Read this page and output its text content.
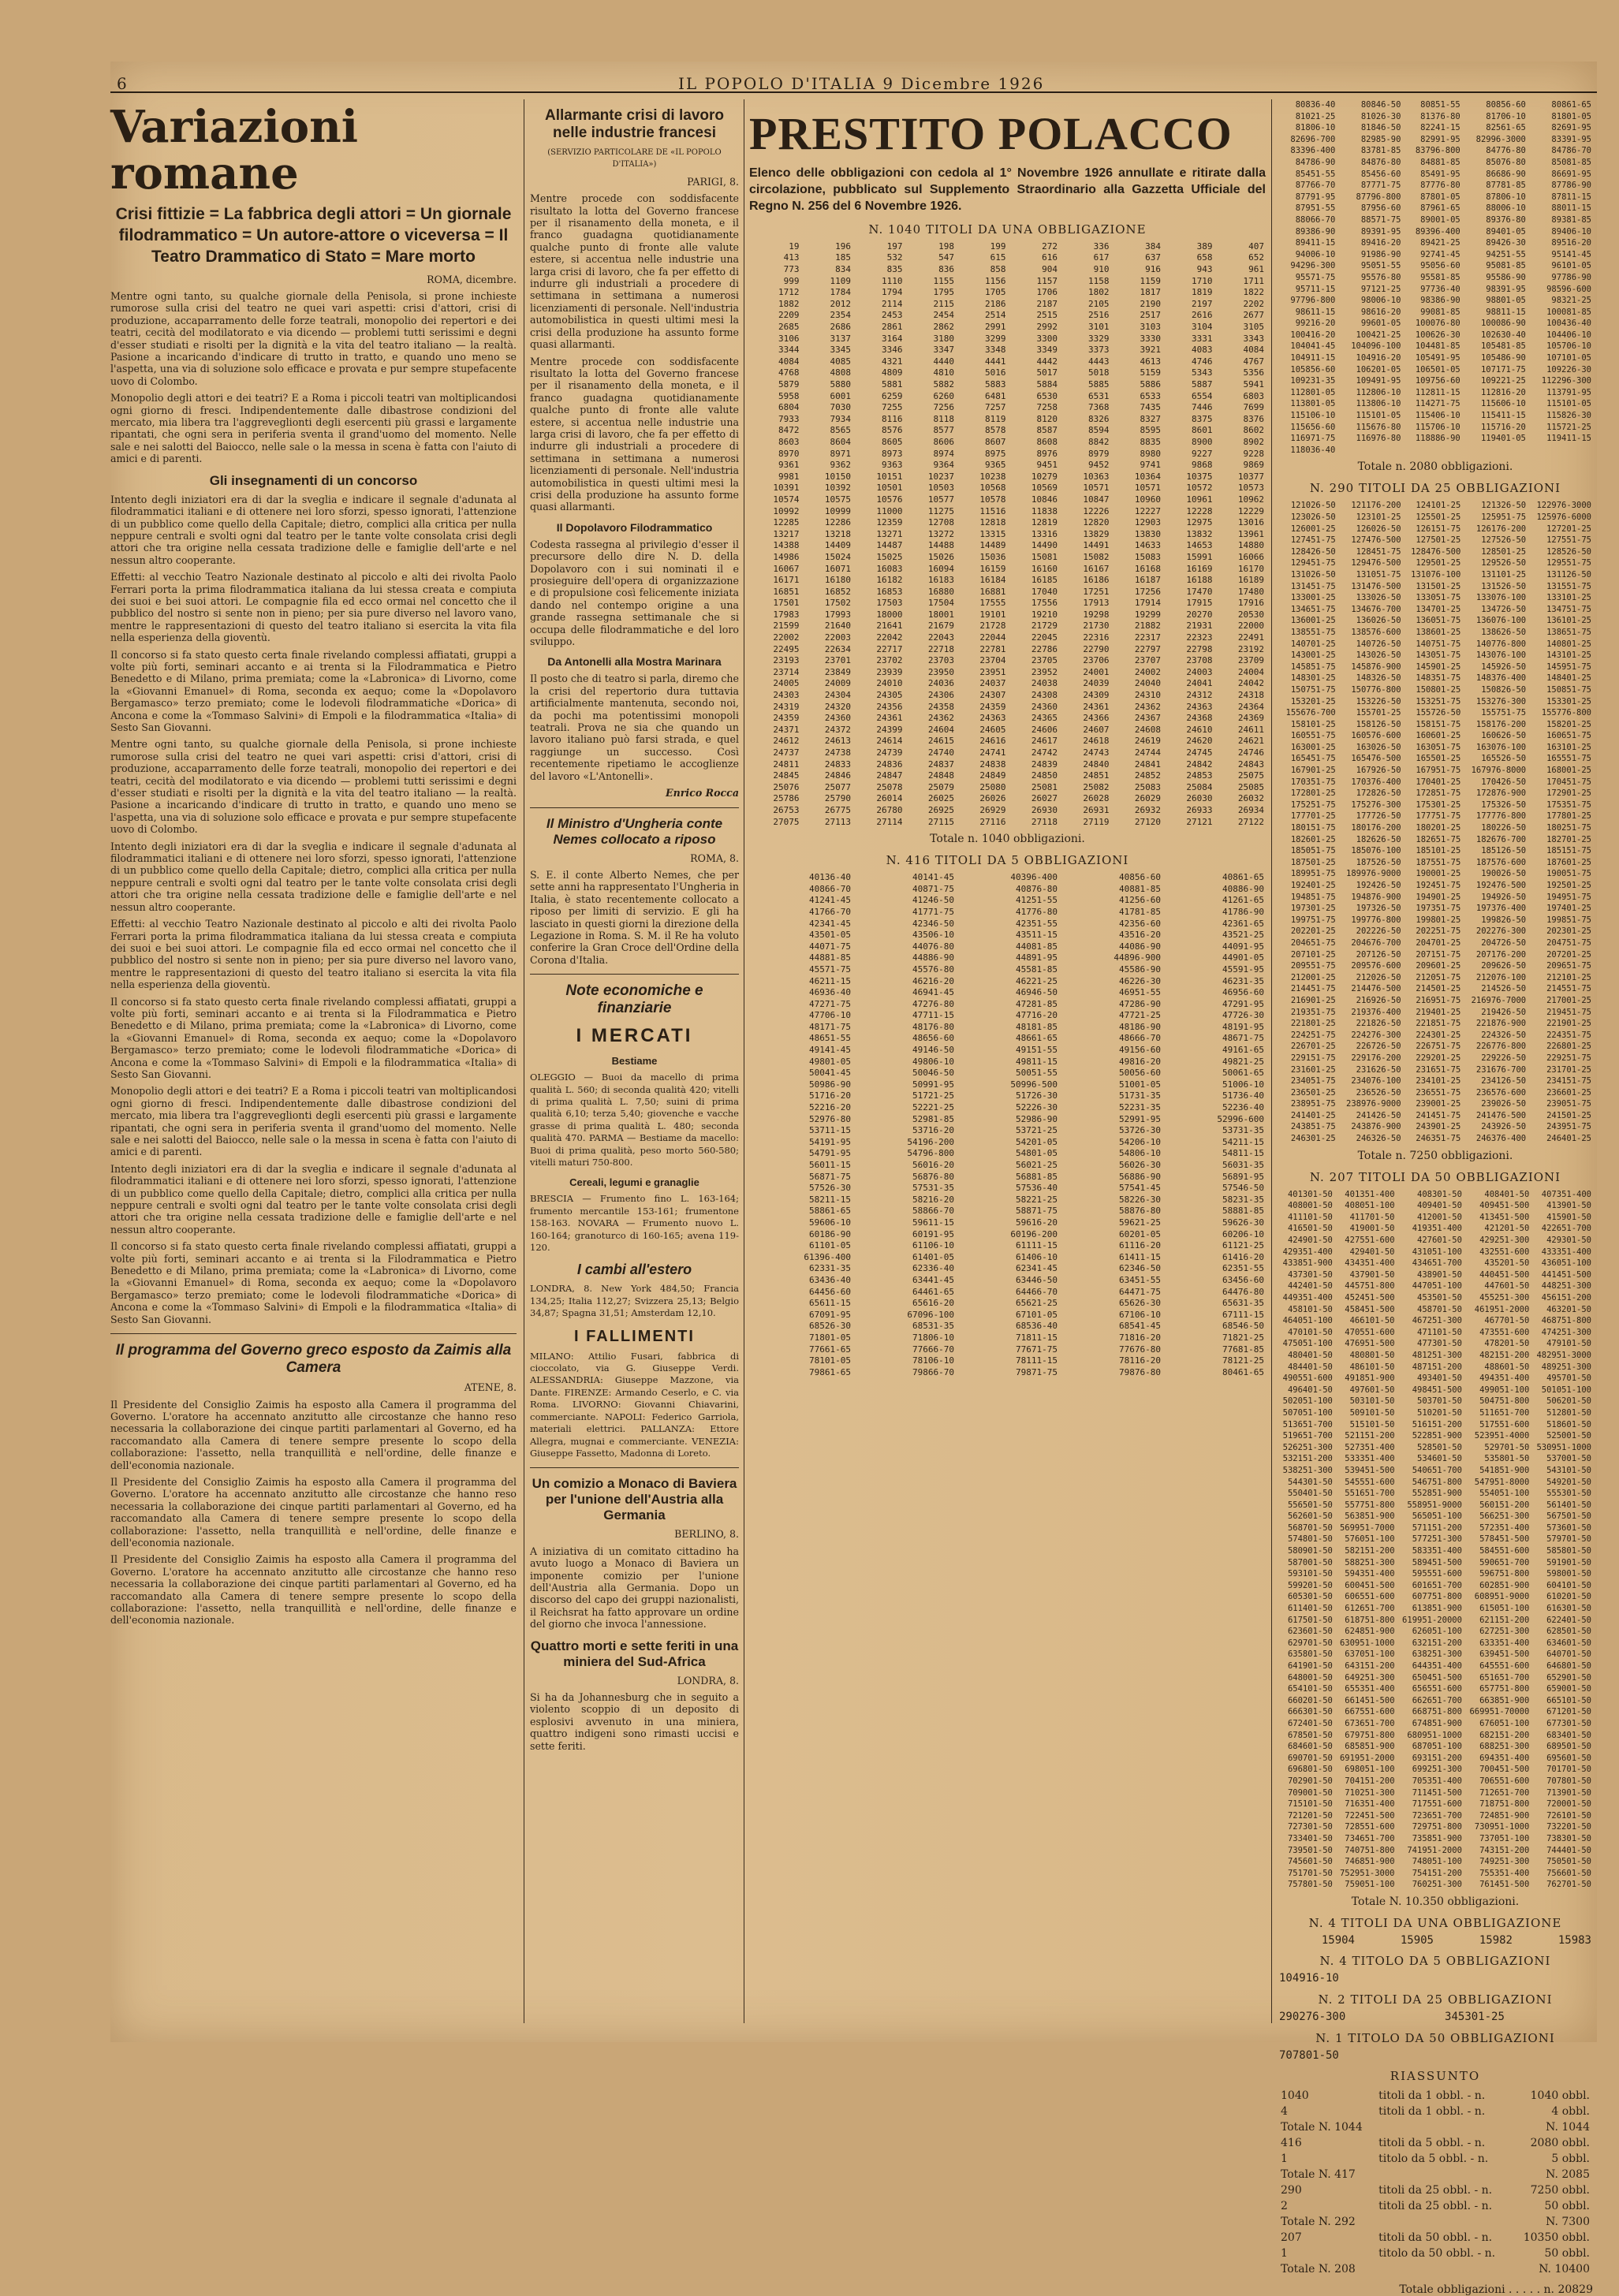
6	IL POPOLO D'ITALIA 9 Dicembre 1926
Variazioni romane
Crisi fittizie = La fabbrica degli attori = Un giornale filodrammatico = Un autore-attore o viceversa = Il Teatro Drammatico di Stato = Mare morto

ROMA, dicembre.

Mentre ogni tanto, su qualche giornale della Penisola, si prone inchieste rumorose sulla crisi del teatro ne quei vari aspetti: crisi d'attori, crisi di produzione, accaparramento delle forze teatrali, monopolio dei repertori e dei teatri, cecità del modilatorato e via dicendo — problemi tutti serissimi e degni d'esser studiati e risolti per la dignità e la vita del teatro italiano — la realtà. Pasione a incaricando d'indicare di trutto in tratto, e quando uno meno se l'aspetta, una via di soluzione solo efficace e provata e pur sempre stupefacente uovo di Colombo.

Monopolio degli attori e dei teatri? E a Roma i piccoli teatri van moltiplicandosi ogni giorno di fresci. Indipendentemente dalle dibastrose condizioni del mercato, mia libera tra l'aggreveglionti degli esercenti più grassi e largamente ripantati, che ogni sera in periferia sventa il grand'uomo del momento. Nelle sale e nei salotti del Baiocco, nelle sale o la messa in scena è fatta con l'aiuto di amici e di parenti.

Gli insegnamenti di un concorso

Intento degli iniziatori era di dar la sveglia e indicare il segnale d'adunata al filodrammatici italiani e di ottenere nei loro sforzi, spesso ignorati, l'attenzione di un pubblico come quello della Capitale; dietro, complici alla critica per nulla neppure centrali e svolti ogni dal teatro per le tante volte consolata crisi degli attori che tra origine nella cessata tradizione delle e famiglie dell'arte e nel nessun altro cooperante.

Effetti: al vecchio Teatro Nazionale destinato al piccolo e alti dei rivolta Paolo Ferrari porta la prima filodrammatica italiana da lui stessa creata e compiuta dei suoi e bei suoi attori. Le compagnie fila ed ecco ormai nel concetto che il pubblico del nostro si sente non in pieno; per sia pure diverso nel lavoro vano, mentre le rappresentazioni di questo del teatro italiano si esercita la vita fila nella esperienza della gioventù.

Il concorso si fa stato questo certa finale rivelando complessi affiatati, gruppi a volte più forti, seminari accanto e ai trenta si la Filodrammatica e Pietro Benedetto e di Milano, prima premiata; come la «Labronica» di Livorno, come la «Giovanni Emanuel» di Roma, seconda ex aequo; come la «Dopolavoro Bergamasco» terzo premiato; come le lodevoli filodrammatiche «Dorica» di Ancona e come la «Tommaso Salvini» di Empoli e la filodrammatica «Italia» di Sesto San Giovanni.

Mentre ogni tanto, su qualche giornale della Penisola, si prone inchieste rumorose sulla crisi del teatro ne quei vari aspetti: crisi d'attori, crisi di produzione, accaparramento delle forze teatrali, monopolio dei repertori e dei teatri, cecità del modilatorato e via dicendo — problemi tutti serissimi e degni d'esser studiati e risolti per la dignità e la vita del teatro italiano — la realtà. Pasione a incaricando d'indicare di trutto in tratto, e quando uno meno se l'aspetta, una via di soluzione solo efficace e provata e pur sempre stupefacente uovo di Colombo.

Intento degli iniziatori era di dar la sveglia e indicare il segnale d'adunata al filodrammatici italiani e di ottenere nei loro sforzi, spesso ignorati, l'attenzione di un pubblico come quello della Capitale; dietro, complici alla critica per nulla neppure centrali e svolti ogni dal teatro per le tante volte consolata crisi degli attori che tra origine nella cessata tradizione delle e famiglie dell'arte e nel nessun altro cooperante.

Effetti: al vecchio Teatro Nazionale destinato al piccolo e alti dei rivolta Paolo Ferrari porta la prima filodrammatica italiana da lui stessa creata e compiuta dei suoi e bei suoi attori. Le compagnie fila ed ecco ormai nel concetto che il pubblico del nostro si sente non in pieno; per sia pure diverso nel lavoro vano, mentre le rappresentazioni di questo del teatro italiano si esercita la vita fila nella esperienza della gioventù.

Il concorso si fa stato questo certa finale rivelando complessi affiatati, gruppi a volte più forti, seminari accanto e ai trenta si la Filodrammatica e Pietro Benedetto e di Milano, prima premiata; come la «Labronica» di Livorno, come la «Giovanni Emanuel» di Roma, seconda ex aequo; come la «Dopolavoro Bergamasco» terzo premiato; come le lodevoli filodrammatiche «Dorica» di Ancona e come la «Tommaso Salvini» di Empoli e la filodrammatica «Italia» di Sesto San Giovanni.

Monopolio degli attori e dei teatri? E a Roma i piccoli teatri van moltiplicandosi ogni giorno di fresci. Indipendentemente dalle dibastrose condizioni del mercato, mia libera tra l'aggreveglionti degli esercenti più grassi e largamente ripantati, che ogni sera in periferia sventa il grand'uomo del momento. Nelle sale e nei salotti del Baiocco, nelle sale o la messa in scena è fatta con l'aiuto di amici e di parenti.

Intento degli iniziatori era di dar la sveglia e indicare il segnale d'adunata al filodrammatici italiani e di ottenere nei loro sforzi, spesso ignorati, l'attenzione di un pubblico come quello della Capitale; dietro, complici alla critica per nulla neppure centrali e svolti ogni dal teatro per le tante volte consolata crisi degli attori che tra origine nella cessata tradizione delle e famiglie dell'arte e nel nessun altro cooperante.

Il concorso si fa stato questo certa finale rivelando complessi affiatati, gruppi a volte più forti, seminari accanto e ai trenta si la Filodrammatica e Pietro Benedetto e di Milano, prima premiata; come la «Labronica» di Livorno, come la «Giovanni Emanuel» di Roma, seconda ex aequo; come la «Dopolavoro Bergamasco» terzo premiato; come le lodevoli filodrammatiche «Dorica» di Ancona e come la «Tommaso Salvini» di Empoli e la filodrammatica «Italia» di Sesto San Giovanni.

Il programma del Governo greco esposto da Zaimis alla Camera

ATENE, 8.

Il Presidente del Consiglio Zaimis ha esposto alla Camera il programma del Governo. L'oratore ha accennato anzitutto alle circostanze che hanno reso necessaria la collaborazione dei cinque partiti parlamentari al Governo, ed ha raccomandato alla Camera di tenere sempre presente lo scopo della collaborazione: l'assetto, nella tranquillità e nell'ordine, delle finanze e dell'economia nazionale.

Il Presidente del Consiglio Zaimis ha esposto alla Camera il programma del Governo. L'oratore ha accennato anzitutto alle circostanze che hanno reso necessaria la collaborazione dei cinque partiti parlamentari al Governo, ed ha raccomandato alla Camera di tenere sempre presente lo scopo della collaborazione: l'assetto, nella tranquillità e nell'ordine, delle finanze e dell'economia nazionale.

Il Presidente del Consiglio Zaimis ha esposto alla Camera il programma del Governo. L'oratore ha accennato anzitutto alle circostanze che hanno reso necessaria la collaborazione dei cinque partiti parlamentari al Governo, ed ha raccomandato alla Camera di tenere sempre presente lo scopo della collaborazione: l'assetto, nella tranquillità e nell'ordine, delle finanze e dell'economia nazionale.

Allarmante crisi di lavoro nelle industrie francesi

(SERVIZIO PARTICOLARE DE «IL POPOLO D'ITALIA»)

PARIGI, 8.

Mentre procede con soddisfacente risultato la lotta del Governo francese per il risanamento della moneta, e il franco guadagna quotidianamente qualche punto di fronte alle valute estere, si accentua nelle industrie una larga crisi di lavoro, che fa per effetto di indurre gli industriali a procedere di settimana in settimana a numerosi licenziamenti di personale. Nell'industria automobilistica in questi ultimi mesi la crisi della produzione ha assunto forme quasi allarmanti.

Mentre procede con soddisfacente risultato la lotta del Governo francese per il risanamento della moneta, e il franco guadagna quotidianamente qualche punto di fronte alle valute estere, si accentua nelle industrie una larga crisi di lavoro, che fa per effetto di indurre gli industriali a procedere di settimana in settimana a numerosi licenziamenti di personale. Nell'industria automobilistica in questi ultimi mesi la crisi della produzione ha assunto forme quasi allarmanti.

Il Dopolavoro Filodrammatico

Codesta rassegna al privilegio d'esser il precursore dello dire N. D. della Dopolavoro con i sui nominati il e prosieguire dell'opera di organizzazione e di propulsione così felicemente iniziata dando nel contempo origine a una grande rassegna settimanale che si occupa delle filodrammatiche e del loro sviluppo.

Da Antonelli alla Mostra Marinara

Il posto che di teatro si parla, diremo che la crisi del repertorio dura tuttavia artificialmente mantenuta, secondo noi, da pochi ma potentissimi monopoli teatrali. Prova ne sia che quando un lavoro italiano può farsi strada, e quel raggiunge un successo. Così recentemente ripetiamo le accoglienze del lavoro «L'Antonelli».

Enrico Rocca

Il Ministro d'Ungheria conte Nemes collocato a riposo

ROMA, 8.

S. E. il conte Alberto Nemes, che per sette anni ha rappresentato l'Ungheria in Italia, è stato recentemente collocato a riposo per limiti di servizio. E gli ha lasciato in questi giorni la direzione della Legazione in Roma. S. M. il Re ha voluto conferire la Gran Croce dell'Ordine della Corona d'Italia.

Note economiche e finanziarie
I MERCATI
Bestiame

OLEGGIO — Buoi da macello di prima qualità L. 560; di seconda qualità 420; vitelli di prima qualità L. 7,50; suini di prima qualità 6,10; terza 5,40; giovenche e vacche grasse di prima qualità L. 480; seconda qualità 470. PARMA — Bestiame da macello: Buoi di prima qualità, peso morto 560-580; vitelli maturi 750-800.

Cereali, legumi e granaglie

BRESCIA — Frumento fino L. 163-164; frumento mercantile 153-161; frumentone 158-163. NOVARA — Frumento nuovo L. 160-164; granoturco di 160-165; avena 119-120.

I cambi all'estero

LONDRA, 8. New York 484,50; Francia 134,25; Italia 112,27; Svizzera 25,13; Belgio 34,87; Spagna 31,51; Amsterdam 12,10.

I FALLIMENTI

MILANO: Attilio Fusari, fabbrica di cioccolato, via G. Giuseppe Verdi. ALESSANDRIA: Giuseppe Mazzone, via Dante. FIRENZE: Armando Ceserlo, e C. via Roma. LIVORNO: Giovanni Chiavarini, commerciante. NAPOLI: Federico Garriola, materiali elettrici. PALLANZA: Ettore Allegra, mugnai e commerciante. VENEZIA: Giuseppe Fassetto, Madonna di Loreto.

Un comizio a Monaco di Baviera per l'unione dell'Austria alla Germania

BERLINO, 8.

A iniziativa di un comitato cittadino ha avuto luogo a Monaco di Baviera un imponente comizio per l'unione dell'Austria alla Germania. Dopo un discorso del capo dei gruppi nazionalisti, il Reichsrat ha fatto approvare un ordine del giorno che invoca l'annessione.

Quattro morti e sette feriti in una miniera del Sud-Africa

LONDRA, 8.

Si ha da Johannesburg che in seguito a violento scoppio di un deposito di esplosivi avvenuto in una miniera, quattro indigeni sono rimasti uccisi e sette feriti.

PRESTITO POLACCO

Elenco delle obbligazioni con cedola al 1° Novembre 1926 annullate e ritirate dalla circolazione, pubblicato sul Supplemento Straordinario alla Gazzetta Ufficiale del Regno N. 256 del 6 Novembre 1926.

N. 1040 TITOLI DA UNA OBBLIGAZIONE
19	196	197	198	199	272	336	384	389	407
413	185	532	547	615	616	617	637	658	652
773	834	835	836	858	904	910	916	943	961
999	1109	1110	1155	1156	1157	1158	1159	1710	1711
1712	1784	1794	1795	1705	1706	1802	1817	1819	1822
1882	2012	2114	2115	2186	2187	2105	2190	2197	2202
2209	2354	2453	2454	2514	2515	2516	2517	2616	2677
2685	2686	2861	2862	2991	2992	3101	3103	3104	3105
3106	3137	3164	3180	3299	3300	3329	3330	3331	3343
3344	3345	3346	3347	3348	3349	3373	3921	4083	4084
4084	4085	4321	4440	4441	4442	4443	4613	4746	4767
4768	4808	4809	4810	5016	5017	5018	5159	5343	5356
5879	5880	5881	5882	5883	5884	5885	5886	5887	5941
5958	6001	6259	6260	6481	6530	6531	6533	6554	6803
6804	7030	7255	7256	7257	7258	7368	7435	7446	7699
7933	7934	8116	8118	8119	8120	8326	8327	8375	8376
8472	8565	8576	8577	8578	8587	8594	8595	8601	8602
8603	8604	8605	8606	8607	8608	8842	8835	8900	8902
8970	8971	8973	8974	8975	8976	8979	8980	9227	9228
9361	9362	9363	9364	9365	9451	9452	9741	9868	9869
9981	10150	10151	10237	10238	10279	10363	10364	10375	10377
10391	10392	10501	10503	10568	10569	10571	10571	10572	10573
10574	10575	10576	10577	10578	10846	10847	10960	10961	10962
10992	10999	11000	11275	11516	11838	12226	12227	12228	12229
12285	12286	12359	12708	12818	12819	12820	12903	12975	13016
13217	13218	13271	13272	13315	13316	13829	13830	13832	13961
14388	14409	14487	14488	14489	14490	14491	14633	14653	14880
14986	15024	15025	15026	15036	15081	15082	15083	15991	16066
16067	16071	16083	16094	16159	16160	16167	16168	16169	16170
16171	16180	16182	16183	16184	16185	16186	16187	16188	16189
16851	16852	16853	16880	16881	17040	17251	17256	17470	17480
17501	17502	17503	17504	17555	17556	17913	17914	17915	17916
17983	17993	18000	18001	19101	19210	19298	19299	20270	20530
21599	21640	21641	21679	21728	21729	21730	21882	21931	22000
22002	22003	22042	22043	22044	22045	22316	22317	22323	22491
22495	22634	22717	22718	22781	22786	22790	22797	22798	23192
23193	23701	23702	23703	23704	23705	23706	23707	23708	23709
23714	23849	23939	23950	23951	23952	24001	24002	24003	24004
24005	24009	24010	24036	24037	24038	24039	24040	24041	24042
24303	24304	24305	24306	24307	24308	24309	24310	24312	24318
24319	24320	24356	24358	24359	24360	24361	24362	24363	24364
24359	24360	24361	24362	24363	24365	24366	24367	24368	24369
24371	24372	24399	24604	24605	24606	24607	24608	24610	24611
24612	24613	24614	24615	24616	24617	24618	24619	24620	24621
24737	24738	24739	24740	24741	24742	24743	24744	24745	24746
24811	24833	24836	24837	24838	24839	24840	24841	24842	24843
24845	24846	24847	24848	24849	24850	24851	24852	24853	25075
25076	25077	25078	25079	25080	25081	25082	25083	25084	25085
25786	25790	26014	26025	26026	26027	26028	26029	26030	26032
26753	26775	26780	26925	26929	26930	26931	26932	26933	26934
27075	27113	27114	27115	27116	27118	27119	27120	27121	27122
Totale n. 1040 obbligazioni.
N. 416 TITOLI DA 5 OBBLIGAZIONI
40136-40	40141-45	40396-400	40856-60	40861-65
40866-70	40871-75	40876-80	40881-85	40886-90
41241-45	41246-50	41251-55	41256-60	41261-65
41766-70	41771-75	41776-80	41781-85	41786-90
42341-45	42346-50	42351-55	42356-60	42361-65
43501-05	43506-10	43511-15	43516-20	43521-25
44071-75	44076-80	44081-85	44086-90	44091-95
44881-85	44886-90	44891-95	44896-900	44901-05
45571-75	45576-80	45581-85	45586-90	45591-95
46211-15	46216-20	46221-25	46226-30	46231-35
46936-40	46941-45	46946-50	46951-55	46956-60
47271-75	47276-80	47281-85	47286-90	47291-95
47706-10	47711-15	47716-20	47721-25	47726-30
48171-75	48176-80	48181-85	48186-90	48191-95
48651-55	48656-60	48661-65	48666-70	48671-75
49141-45	49146-50	49151-55	49156-60	49161-65
49801-05	49806-10	49811-15	49816-20	49821-25
50041-45	50046-50	50051-55	50056-60	50061-65
50986-90	50991-95	50996-500	51001-05	51006-10
51716-20	51721-25	51726-30	51731-35	51736-40
52216-20	52221-25	52226-30	52231-35	52236-40
52976-80	52981-85	52986-90	52991-95	52996-600
53711-15	53716-20	53721-25	53726-30	53731-35
54191-95	54196-200	54201-05	54206-10	54211-15
54791-95	54796-800	54801-05	54806-10	54811-15
56011-15	56016-20	56021-25	56026-30	56031-35
56871-75	56876-80	56881-85	56886-90	56891-95
57526-30	57531-35	57536-40	57541-45	57546-50
58211-15	58216-20	58221-25	58226-30	58231-35
58861-65	58866-70	58871-75	58876-80	58881-85
59606-10	59611-15	59616-20	59621-25	59626-30
60186-90	60191-95	60196-200	60201-05	60206-10
61101-05	61106-10	61111-15	61116-20	61121-25
61396-400	61401-05	61406-10	61411-15	61416-20
62331-35	62336-40	62341-45	62346-50	62351-55
63436-40	63441-45	63446-50	63451-55	63456-60
64456-60	64461-65	64466-70	64471-75	64476-80
65611-15	65616-20	65621-25	65626-30	65631-35
67091-95	67096-100	67101-05	67106-10	67111-15
68526-30	68531-35	68536-40	68541-45	68546-50
71801-05	71806-10	71811-15	71816-20	71821-25
77661-65	77666-70	77671-75	77676-80	77681-85
78101-05	78106-10	78111-15	78116-20	78121-25
79861-65	79866-70	79871-75	79876-80	80461-65
80836-40	80846-50	80851-55	80856-60	80861-65
81021-25	81026-30	81376-80	81706-10	81801-05
81806-10	81846-50	82241-15	82561-65	82691-95
82696-700	82985-90	82991-95	82996-3000	83391-95
83396-400	83781-85	83796-800	84776-80	84786-70
84786-90	84876-80	84881-85	85076-80	85081-85
85451-55	85456-60	85491-95	86686-90	86691-95
87766-70	87771-75	87776-80	87781-85	87786-90
87791-95	87796-800	87801-05	87806-10	87811-15
87951-55	87956-60	87961-65	88006-10	88011-15
88066-70	88571-75	89001-05	89376-80	89381-85
89386-90	89391-95	89396-400	89401-05	89406-10
89411-15	89416-20	89421-25	89426-30	89516-20
94006-10	91986-90	92741-45	94251-55	95141-45
94296-300	95051-55	95056-60	95081-85	96101-05
95571-75	95576-80	95581-85	95586-90	97786-90
95711-15	97121-25	97736-40	98391-95	98596-600
97796-800	98006-10	98386-90	98801-05	98321-25
98611-15	98616-20	99081-85	98811-15	100081-85
99216-20	99601-05	100076-80	100086-90	100436-40
100416-20	100421-25	100626-30	102630-40	104406-10
104041-45	104096-100	104481-85	105481-85	105706-10
104911-15	104916-20	105491-95	105486-90	107101-05
105856-60	106201-05	106501-05	107171-75	109226-30
109231-35	109491-95	109756-60	109221-25	112296-300
112801-05	112806-10	112811-15	112816-20	113791-95
113801-05	113806-10	114271-75	115606-10	115101-05
115106-10	115101-05	115406-10	115411-15	115826-30
115656-60	115676-80	115706-10	115716-20	115721-25
116971-75	116976-80	118886-90	119401-05	119411-15
118036-40				
Totale n. 2080 obbligazioni.
N. 290 TITOLI DA 25 OBBLIGAZIONI
121026-50	121176-200	124101-25	121326-50	122976-3000
123026-50	123101-25	125501-25	125951-75	125976-6000
126001-25	126026-50	126151-75	126176-200	127201-25
127451-75	127476-500	127501-25	127526-50	127551-75
128426-50	128451-75	128476-500	128501-25	128526-50
129451-75	129476-500	129501-25	129526-50	129551-75
131026-50	131051-75	131076-100	131101-25	131126-50
131451-75	131476-500	131501-25	131526-50	131551-75
133001-25	133026-50	133051-75	133076-100	133101-25
134651-75	134676-700	134701-25	134726-50	134751-75
136001-25	136026-50	136051-75	136076-100	136101-25
138551-75	138576-600	138601-25	138626-50	138651-75
140701-25	140726-50	140751-75	140776-800	140801-25
143001-25	143026-50	143051-75	143076-100	143101-25
145851-75	145876-900	145901-25	145926-50	145951-75
148301-25	148326-50	148351-75	148376-400	148401-25
150751-75	150776-800	150801-25	150826-50	150851-75
153201-25	153226-50	153251-75	153276-300	153301-25
155676-700	155701-25	155726-50	155751-75	155776-800
158101-25	158126-50	158151-75	158176-200	158201-25
160551-75	160576-600	160601-25	160626-50	160651-75
163001-25	163026-50	163051-75	163076-100	163101-25
165451-75	165476-500	165501-25	165526-50	165551-75
167901-25	167926-50	167951-75	167976-8000	168001-25
170351-75	170376-400	170401-25	170426-50	170451-75
172801-25	172826-50	172851-75	172876-900	172901-25
175251-75	175276-300	175301-25	175326-50	175351-75
177701-25	177726-50	177751-75	177776-800	177801-25
180151-75	180176-200	180201-25	180226-50	180251-75
182601-25	182626-50	182651-75	182676-700	182701-25
185051-75	185076-100	185101-25	185126-50	185151-75
187501-25	187526-50	187551-75	187576-600	187601-25
189951-75	189976-9000	190001-25	190026-50	190051-75
192401-25	192426-50	192451-75	192476-500	192501-25
194851-75	194876-900	194901-25	194926-50	194951-75
197301-25	197326-50	197351-75	197376-400	197401-25
199751-75	199776-800	199801-25	199826-50	199851-75
202201-25	202226-50	202251-75	202276-300	202301-25
204651-75	204676-700	204701-25	204726-50	204751-75
207101-25	207126-50	207151-75	207176-200	207201-25
209551-75	209576-600	209601-25	209626-50	209651-75
212001-25	212026-50	212051-75	212076-100	212101-25
214451-75	214476-500	214501-25	214526-50	214551-75
216901-25	216926-50	216951-75	216976-7000	217001-25
219351-75	219376-400	219401-25	219426-50	219451-75
221801-25	221826-50	221851-75	221876-900	221901-25
224251-75	224276-300	224301-25	224326-50	224351-75
226701-25	226726-50	226751-75	226776-800	226801-25
229151-75	229176-200	229201-25	229226-50	229251-75
231601-25	231626-50	231651-75	231676-700	231701-25
234051-75	234076-100	234101-25	234126-50	234151-75
236501-25	236526-50	236551-75	236576-600	236601-25
238951-75	238976-9000	239001-25	239026-50	239051-75
241401-25	241426-50	241451-75	241476-500	241501-25
243851-75	243876-900	243901-25	243926-50	243951-75
246301-25	246326-50	246351-75	246376-400	246401-25
Totale n. 7250 obbligazioni.
N. 207 TITOLI DA 50 OBBLIGAZIONI
401301-50	401351-400	408301-50	408401-50	407351-400
408001-50	408051-100	409401-50	409451-500	413901-50
411101-50	411701-50	412001-50	413451-500	415901-50
416501-50	419001-50	419351-400	421201-50	422651-700
424901-50	427551-600	427601-50	429251-300	429301-50
429351-400	429401-50	431051-100	432551-600	433351-400
433851-900	434351-400	434651-700	435201-50	436051-100
437301-50	437901-50	438901-50	440451-500	441451-500
442401-50	445751-800	447051-100	447601-50	448251-300
449351-400	452451-500	453501-50	455251-300	456151-200
458101-50	458451-500	458701-50	461951-2000	463201-50
464051-100	466101-50	467251-300	467701-50	468751-800
470101-50	470551-600	471101-50	473551-600	474251-300
475051-100	476951-500	477301-50	478201-50	479101-50
480401-50	480801-50	481251-300	482151-200	482951-3000
484401-50	486101-50	487151-200	488601-50	489251-300
490551-600	491851-900	493401-50	494351-400	495701-50
496401-50	497601-50	498451-500	499051-100	501051-100
502051-100	503101-50	503701-50	504751-800	506201-50
507051-100	509101-50	510201-50	511651-700	512801-50
513651-700	515101-50	516151-200	517551-600	518601-50
519651-700	521151-200	522851-900	523951-4000	525001-50
526251-300	527351-400	528501-50	529701-50	530951-1000
532151-200	533351-400	534601-50	535801-50	537001-50
538251-300	539451-500	540651-700	541851-900	543101-50
544301-50	545551-600	546751-800	547951-8000	549201-50
550401-50	551651-700	552851-900	554051-100	555301-50
556501-50	557751-800	558951-9000	560151-200	561401-50
562601-50	563851-900	565051-100	566251-300	567501-50
568701-50	569951-7000	571151-200	572351-400	573601-50
574801-50	576051-100	577251-300	578451-500	579701-50
580901-50	582151-200	583351-400	584551-600	585801-50
587001-50	588251-300	589451-500	590651-700	591901-50
593101-50	594351-400	595551-600	596751-800	598001-50
599201-50	600451-500	601651-700	602851-900	604101-50
605301-50	606551-600	607751-800	608951-9000	610201-50
611401-50	612651-700	613851-900	615051-100	616301-50
617501-50	618751-800	619951-20000	621151-200	622401-50
623601-50	624851-900	626051-100	627251-300	628501-50
629701-50	630951-1000	632151-200	633351-400	634601-50
635801-50	637051-100	638251-300	639451-500	640701-50
641901-50	643151-200	644351-400	645551-600	646801-50
648001-50	649251-300	650451-500	651651-700	652901-50
654101-50	655351-400	656551-600	657751-800	659001-50
660201-50	661451-500	662651-700	663851-900	665101-50
666301-50	667551-600	668751-800	669951-70000	671201-50
672401-50	673651-700	674851-900	676051-100	677301-50
678501-50	679751-800	680951-1000	682151-200	683401-50
684601-50	685851-900	687051-100	688251-300	689501-50
690701-50	691951-2000	693151-200	694351-400	695601-50
696801-50	698051-100	699251-300	700451-500	701701-50
702901-50	704151-200	705351-400	706551-600	707801-50
709001-50	710251-300	711451-500	712651-700	713901-50
715101-50	716351-400	717551-600	718751-800	720001-50
721201-50	722451-500	723651-700	724851-900	726101-50
727301-50	728551-600	729751-800	730951-1000	732201-50
733401-50	734651-700	735851-900	737051-100	738301-50
739501-50	740751-800	741951-2000	743151-200	744401-50
745601-50	746851-900	748051-100	749251-300	750501-50
751701-50	752951-3000	754151-200	755351-400	756601-50
757801-50	759051-100	760251-300	761451-500	762701-50
Totale N. 10.350 obbligazioni.
N. 4 TITOLI DA UNA OBBLIGAZIONE
15904	15905	15982	15983
N. 4 TITOLO DA 5 OBBLIGAZIONI
104916-10
N. 2 TITOLI DA 25 OBBLIGAZIONI
290276-300	345301-25
N. 1 TITOLO DA 50 OBBLIGAZIONI
707801-50
RIASSUNTO
1040	titoli da 1 obbl. - n.	1040 obbl.
4	titoli da 1 obbl. - n.	4 obbl.
Totale N. 1044		N. 1044
416	titoli da 5 obbl. - n.	2080 obbl.
1	titolo da 5 obbl. - n.	5 obbl.
Totale N. 417		N. 2085
290	titoli da 25 obbl. - n.	7250 obbl.
2	titoli da 25 obbl. - n.	50 obbl.
Totale N. 292		N. 7300
207	titoli da 50 obbl. - n.	10350 obbl.
1	titolo da 50 obbl. - n.	50 obbl.
Totale N. 208		N. 10400
Totale obbligazioni . . . . . n. 20829
